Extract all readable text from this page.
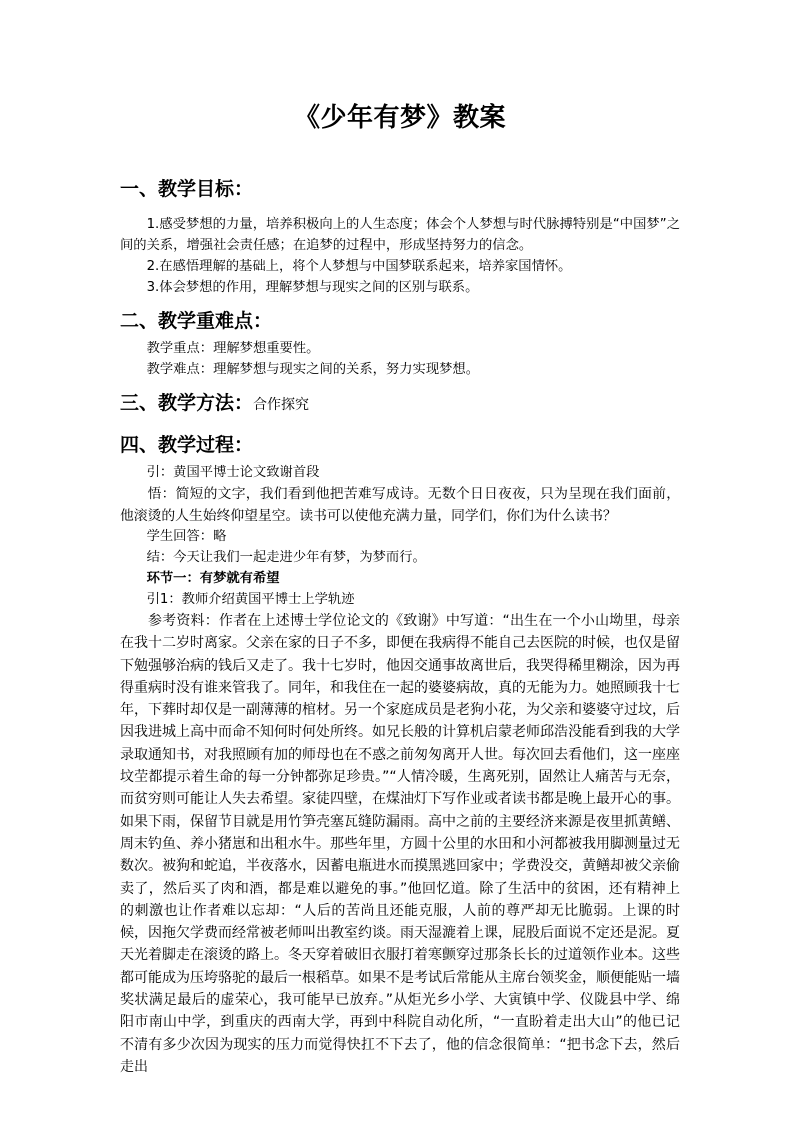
《少年有梦》教案
一、教学目标：
1.感受梦想的力量，培养积极向上的人生态度；体会个人梦想与时代脉搏特别是“中国梦”之间的关系，增强社会责任感；在追梦的过程中，形成坚持努力的信念。
2.在感悟理解的基础上，将个人梦想与中国梦联系起来，培养家国情怀。
3.体会梦想的作用，理解梦想与现实之间的区别与联系。
二、教学重难点：
教学重点：理解梦想重要性。
教学难点：理解梦想与现实之间的关系，努力实现梦想。
三、教学方法：合作探究
四、教学过程：
引：黄国平博士论文致谢首段
悟：简短的文字，我们看到他把苦难写成诗。无数个日日夜夜，只为呈现在我们面前，他滚烫的人生始终仰望星空。读书可以使他充满力量，同学们，你们为什么读书？
学生回答：略
结：今天让我们一起走进少年有梦，为梦而行。
环节一：有梦就有希望
引1：教师介绍黄国平博士上学轨迹
参考资料：作者在上述博士学位论文的《致谢》中写道：“出生在一个小山坳里，母亲在我十二岁时离家。父亲在家的日子不多，即便在我病得不能自己去医院的时候，也仅是留下勉强够治病的钱后又走了。我十七岁时，他因交通事故离世后，我哭得稀里糊涂，因为再得重病时没有谁来管我了。同年，和我住在一起的婆婆病故，真的无能为力。她照顾我十七年，下葬时却仅是一副薄薄的棺材。另一个家庭成员是老狗小花，为父亲和婆婆守过坟，后因我进城上高中而命不知何时何处所终。如兄长般的计算机启蒙老师邱浩没能看到我的大学录取通知书，对我照顾有加的师母也在不惑之前匆匆离开人世。每次回去看他们，这一座座坟茔都提示着生命的每一分钟都弥足珍贵。”“人情冷暖，生离死别，固然让人痛苦与无奈，而贫穷则可能让人失去希望。家徒四壁，在煤油灯下写作业或者读书都是晚上最开心的事。如果下雨，保留节目就是用竹笋壳塞瓦缝防漏雨。高中之前的主要经济来源是夜里抓黄鳝、周末钓鱼、养小猪崽和出租水牛。那些年里，方圆十公里的水田和小河都被我用脚测量过无数次。被狗和蛇追，半夜落水，因蓄电瓶进水而摸黑逃回家中；学费没交，黄鳝却被父亲偷卖了，然后买了肉和酒，都是难以避免的事。”他回忆道。除了生活中的贫困，还有精神上的刺激也让作者难以忘却：“人后的苦尚且还能克服，人前的尊严却无比脆弱。上课的时候，因拖欠学费而经常被老师叫出教室约谈。雨天湿漉着上课，屁股后面说不定还是泥。夏天光着脚走在滚烫的路上。冬天穿着破旧衣服打着寒颤穿过那条长长的过道领作业本。这些都可能成为压垮骆驼的最后一根稻草。如果不是考试后常能从主席台领奖金，顺便能贴一墙奖状满足最后的虚荣心，我可能早已放弃。”从炬光乡小学、大寅镇中学、仪陇县中学、绵阳市南山中学，到重庆的西南大学，再到中科院自动化所，“一直盼着走出大山”的他已记不清有多少次因为现实的压力而觉得快扛不下去了，他的信念很简单：“把书念下去，然后走出
